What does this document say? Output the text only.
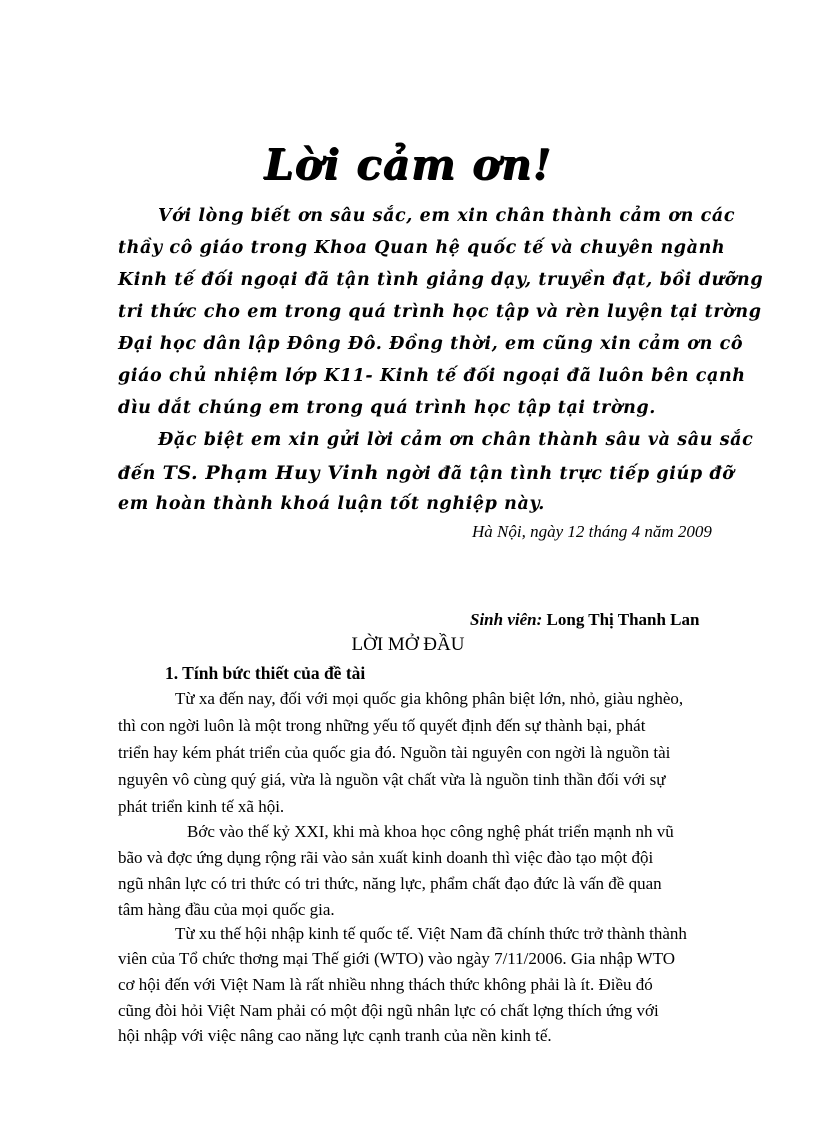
Lời cảm ơn!
Với lòng biết ơn sâu sắc, em xin chân thành cảm ơn các
thầy cô giáo trong Khoa Quan hệ quốc tế và chuyên ngành
Kinh tế đối ngoại đã tận tình giảng dạy, truyền đạt, bồi dưỡng
tri thức cho em trong quá trình học tập và rèn luyện tại trờng
Đại học dân lập Đông Đô. Đồng thời, em cũng xin cảm ơn cô
giáo chủ nhiệm lớp K11- Kinh tế đối ngoại đã luôn bên cạnh
dìu dắt chúng em trong quá trình học tập tại trờng.
Đặc biệt em xin gửi lời cảm ơn chân thành sâu và sâu sắc
đến TS. Phạm Huy Vinh ngời đã tận tình trực tiếp giúp đỡ
em hoàn thành khoá luận tốt nghiệp này.
Hà Nội, ngày 12 tháng 4 năm 2009
Sinh viên: Long Thị Thanh Lan
LỜI MỞ ĐẦU
1. Tính bức thiết của đề tài
Từ xa đến nay, đối với mọi quốc gia không phân biệt lớn, nhỏ, giàu nghèo,
thì con ngời luôn là một trong những yếu tố quyết định đến sự thành bại, phát
triển hay kém phát triển của quốc gia đó. Nguồn tài nguyên con ngời là nguồn tài
nguyên vô cùng quý giá, vừa là nguồn vật chất vừa là nguồn tinh thần đối với sự
phát triển kinh tế xã hội.
Bớc vào thế kỷ XXI, khi mà khoa học công nghệ phát triển mạnh nh vũ
bão và đợc ứng dụng rộng rãi vào sản xuất kinh doanh thì việc đào tạo một đội
ngũ nhân lực có tri thức có tri thức, năng lực, phẩm chất đạo đức là vấn đề quan
tâm hàng đầu của mọi quốc gia.
Từ xu thế hội nhập kinh tế quốc tế. Việt Nam đã chính thức trở thành thành
viên của Tổ chức thơng mại Thế giới (WTO) vào ngày 7/11/2006. Gia nhập WTO
cơ hội đến với Việt Nam là rất nhiều nhng thách thức không phải là ít. Điều đó
cũng đòi hỏi Việt Nam phải có một đội ngũ nhân lực có chất lợng thích ứng với
hội nhập với việc nâng cao năng lực cạnh tranh của nền kinh tế.
